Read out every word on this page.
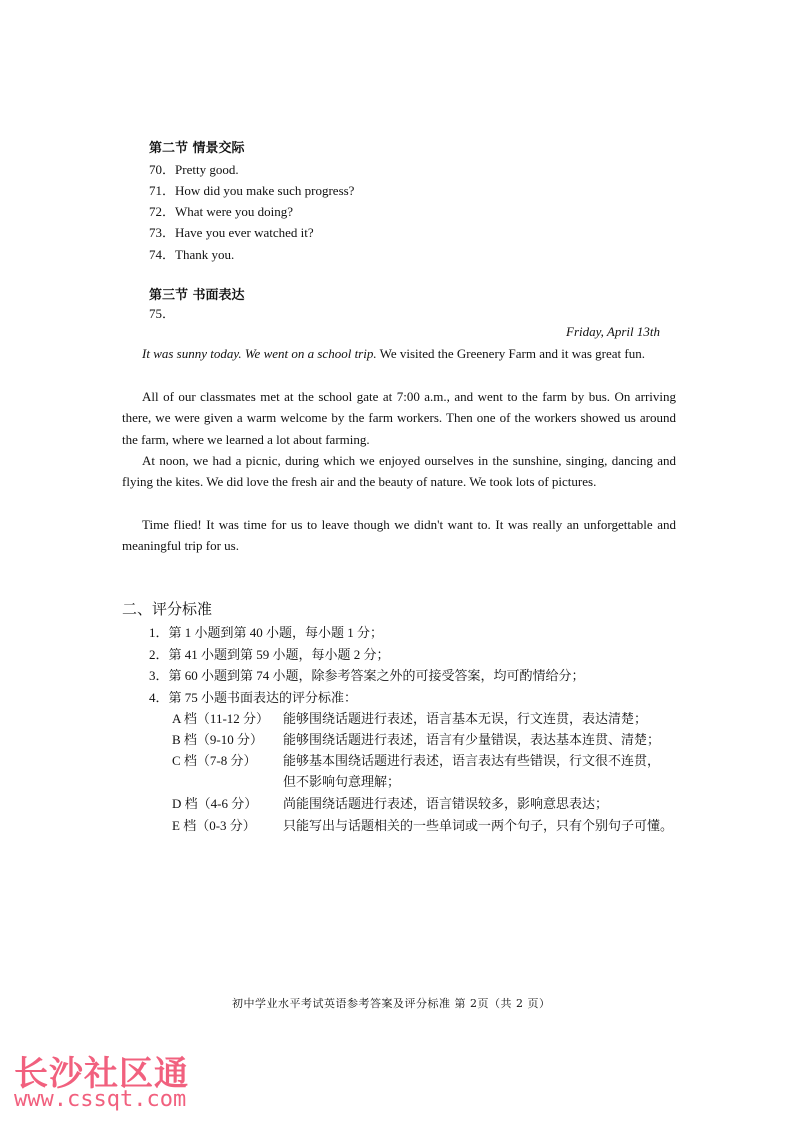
第二节 情景交际
70．Pretty good.
71．How did you make such progress?
72．What were you doing?
73．Have you ever watched it?
74．Thank you.
第三节 书面表达
75．
Friday, April 13th
It was sunny today. We went on a school trip. We visited the Greenery Farm and it was great fun.
All of our classmates met at the school gate at 7:00 a.m., and went to the farm by bus. On arriving there, we were given a warm welcome by the farm workers. Then one of the workers showed us around the farm, where we learned a lot about farming.
At noon, we had a picnic, during which we enjoyed ourselves in the sunshine, singing, dancing and flying the kites. We did love the fresh air and the beauty of nature. We took lots of pictures.
Time flied! It was time for us to leave though we didn't want to. It was really an unforgettable and meaningful trip for us.
二、评分标准
1．第 1 小题到第 40 小题，每小题 1 分；
2．第 41 小题到第 59 小题，每小题 2 分；
3．第 60 小题到第 74 小题，除参考答案之外的可接受答案，均可酌情给分；
4．第 75 小题书面表达的评分标准：
A 档（11-12 分） 能够围绕话题进行表述，语言基本无误，行文连贯，表达清楚；
B 档（9-10 分） 能够围绕话题进行表述，语言有少量错误，表达基本连贯、清楚；
C 档（7-8 分） 能够基本围绕话题进行表述，语言表达有些错误，行文很不连贯，
但不影响句意理解；
D 档（4-6 分） 尚能围绕话题进行表述，语言错误较多，影响意思表达；
E 档（0-3 分） 只能写出与话题相关的一些单词或一两个句子，只有个别句子可懂。
初中学业水平考试英语参考答案及评分标准 第 2页（共 2 页）
长沙社区通
www.cssqt.com
